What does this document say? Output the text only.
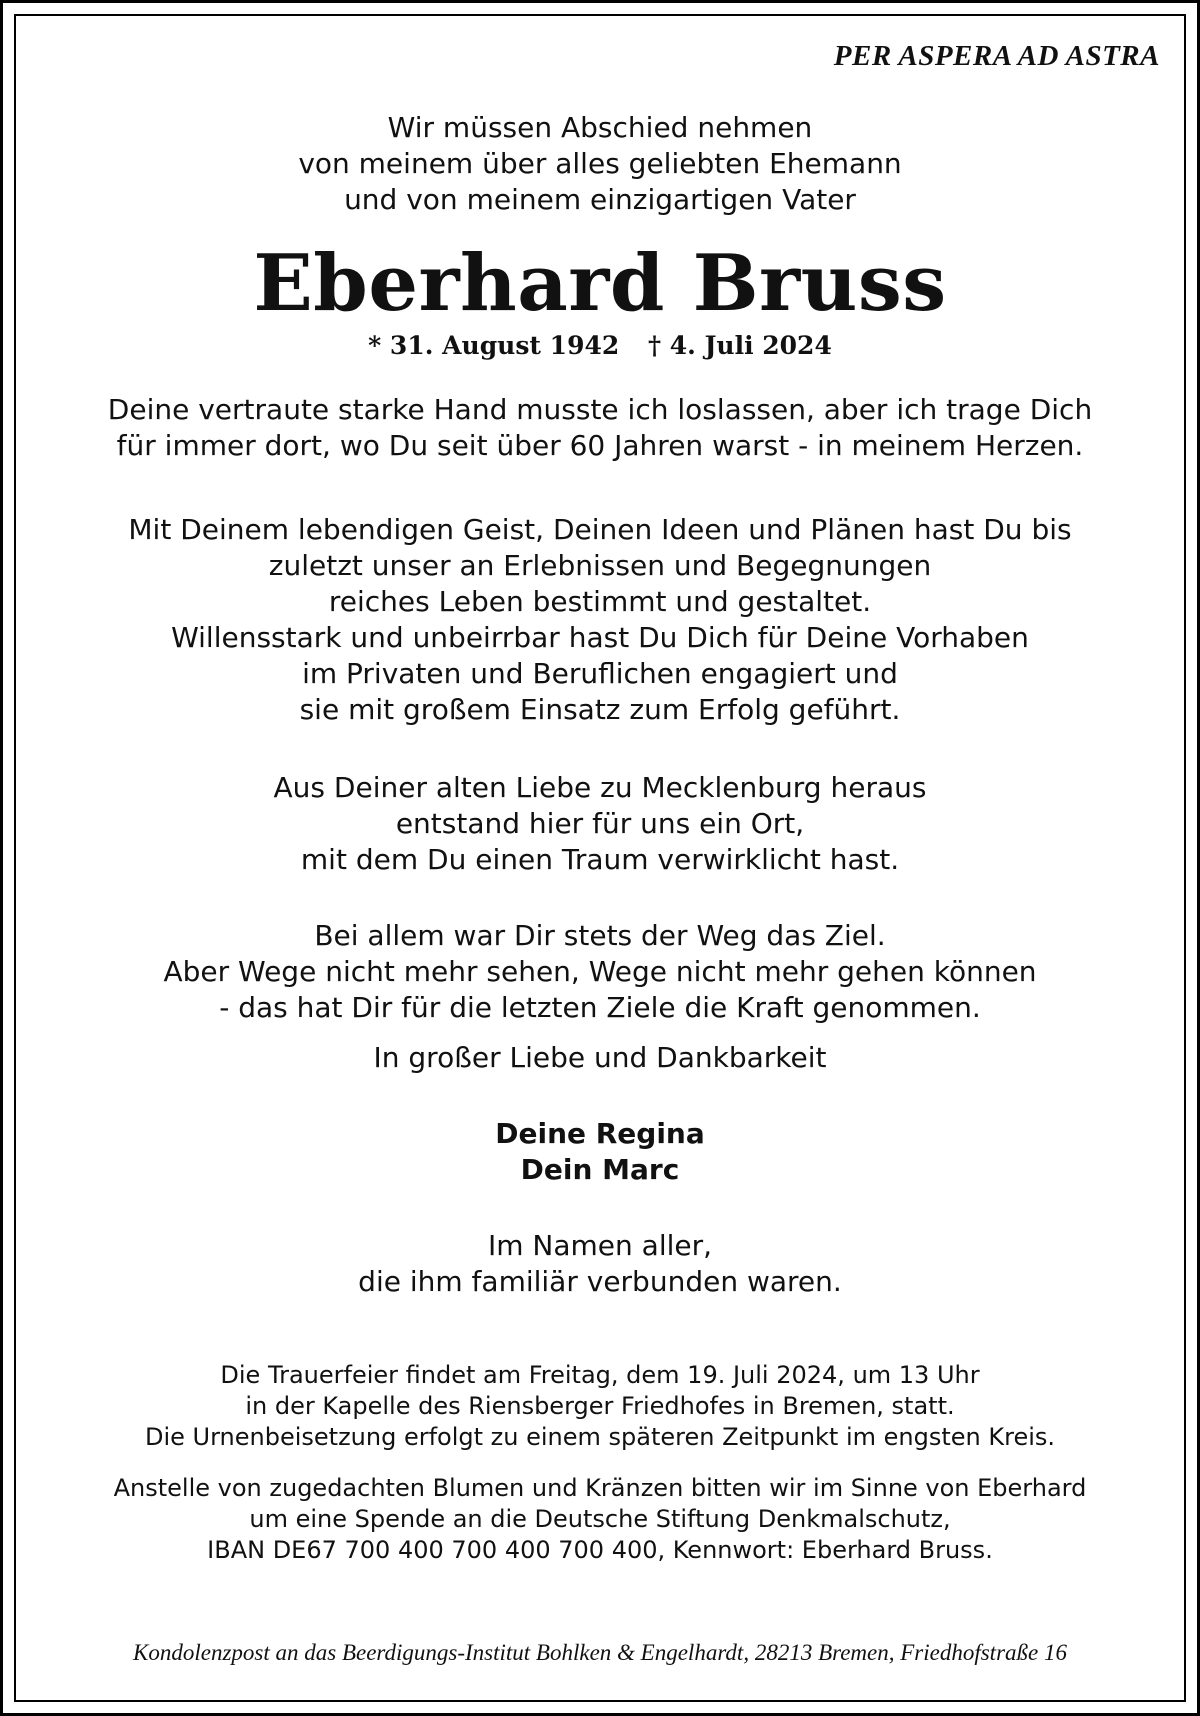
PER ASPERA AD ASTRA
Wir müssen Abschied nehmen
von meinem über alles geliebten Ehemann
und von meinem einzigartigen Vater
Eberhard Bruss
* 31. August 1942 † 4. Juli 2024
Deine vertraute starke Hand musste ich loslassen, aber ich trage Dich
für immer dort, wo Du seit über 60 Jahren warst - in meinem Herzen.
Mit Deinem lebendigen Geist, Deinen Ideen und Plänen hast Du bis
zuletzt unser an Erlebnissen und Begegnungen
reiches Leben bestimmt und gestaltet.
Willensstark und unbeirrbar hast Du Dich für Deine Vorhaben
im Privaten und Beruflichen engagiert und
sie mit großem Einsatz zum Erfolg geführt.
Aus Deiner alten Liebe zu Mecklenburg heraus
entstand hier für uns ein Ort,
mit dem Du einen Traum verwirklicht hast.
Bei allem war Dir stets der Weg das Ziel.
Aber Wege nicht mehr sehen, Wege nicht mehr gehen können
- das hat Dir für die letzten Ziele die Kraft genommen.
In großer Liebe und Dankbarkeit
Deine Regina
Dein Marc
Im Namen aller,
die ihm familiär verbunden waren.
Die Trauerfeier findet am Freitag, dem 19. Juli 2024, um 13 Uhr
in der Kapelle des Riensberger Friedhofes in Bremen, statt.
Die Urnenbeisetzung erfolgt zu einem späteren Zeitpunkt im engsten Kreis.
Anstelle von zugedachten Blumen und Kränzen bitten wir im Sinne von Eberhard
um eine Spende an die Deutsche Stiftung Denkmalschutz,
IBAN DE67 700 400 700 400 700 400, Kennwort: Eberhard Bruss.
Kondolenzpost an das Beerdigungs-Institut Bohlken & Engelhardt, 28213 Bremen, Friedhofstraße 16
